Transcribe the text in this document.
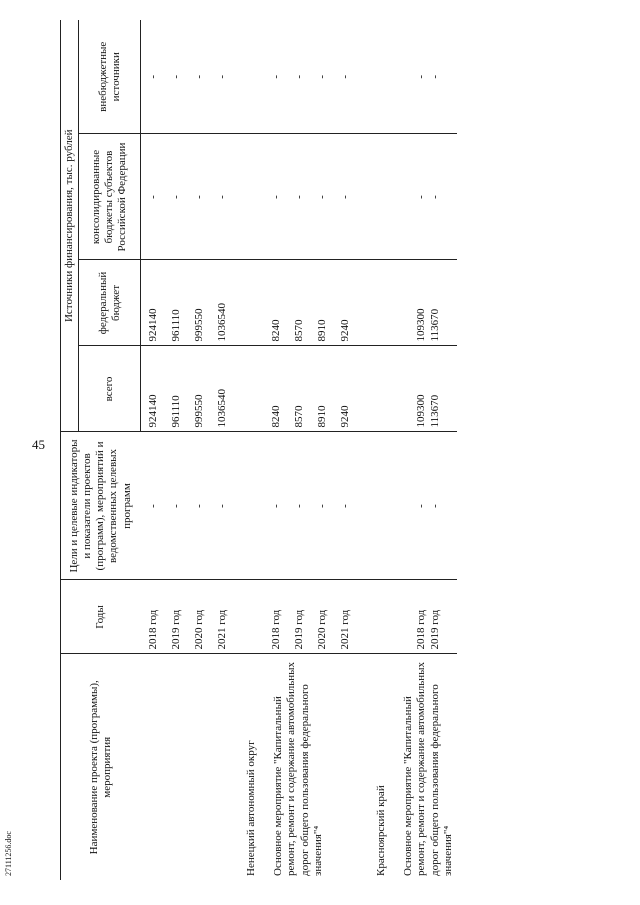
45
27111256.doc	Наименование проекта (программы), мероприятия	Годы	Цели и целевые индикаторы и показатели проектов (программ), мероприятий и ведомственных целевых программ	Источники финансирования, тыс. рублей			
			всего	федеральный бюджет	консолидированные бюджеты субъектов Российской Федерации	внебюджетные источники

	2018 год	-	924140	924140	-	-
	2019 год	-	961110	961110	-	-
	2020 год	-	999550	999550	-	-
	2021 год	-	1036540	1036540	-	-
Ненецкий автономный округ						
Основное мероприятие "Капитальный ремонт, ремонт и содержание автомобильных дорог общего пользования федерального значения"⁴	2018 год	-	8240	8240	-	-
	2019 год	-	8570	8570	-	-
	2020 год	-	8910	8910	-	-
	2021 год	-	9240	9240	-	-
Красноярский край						
Основное мероприятие "Капитальный ремонт, ремонт и содержание автомобильных дорог общего пользования федерального значения"⁴	2018 год	-	109300	109300	-	-
	2019 год	-	113670	113670	-	-
